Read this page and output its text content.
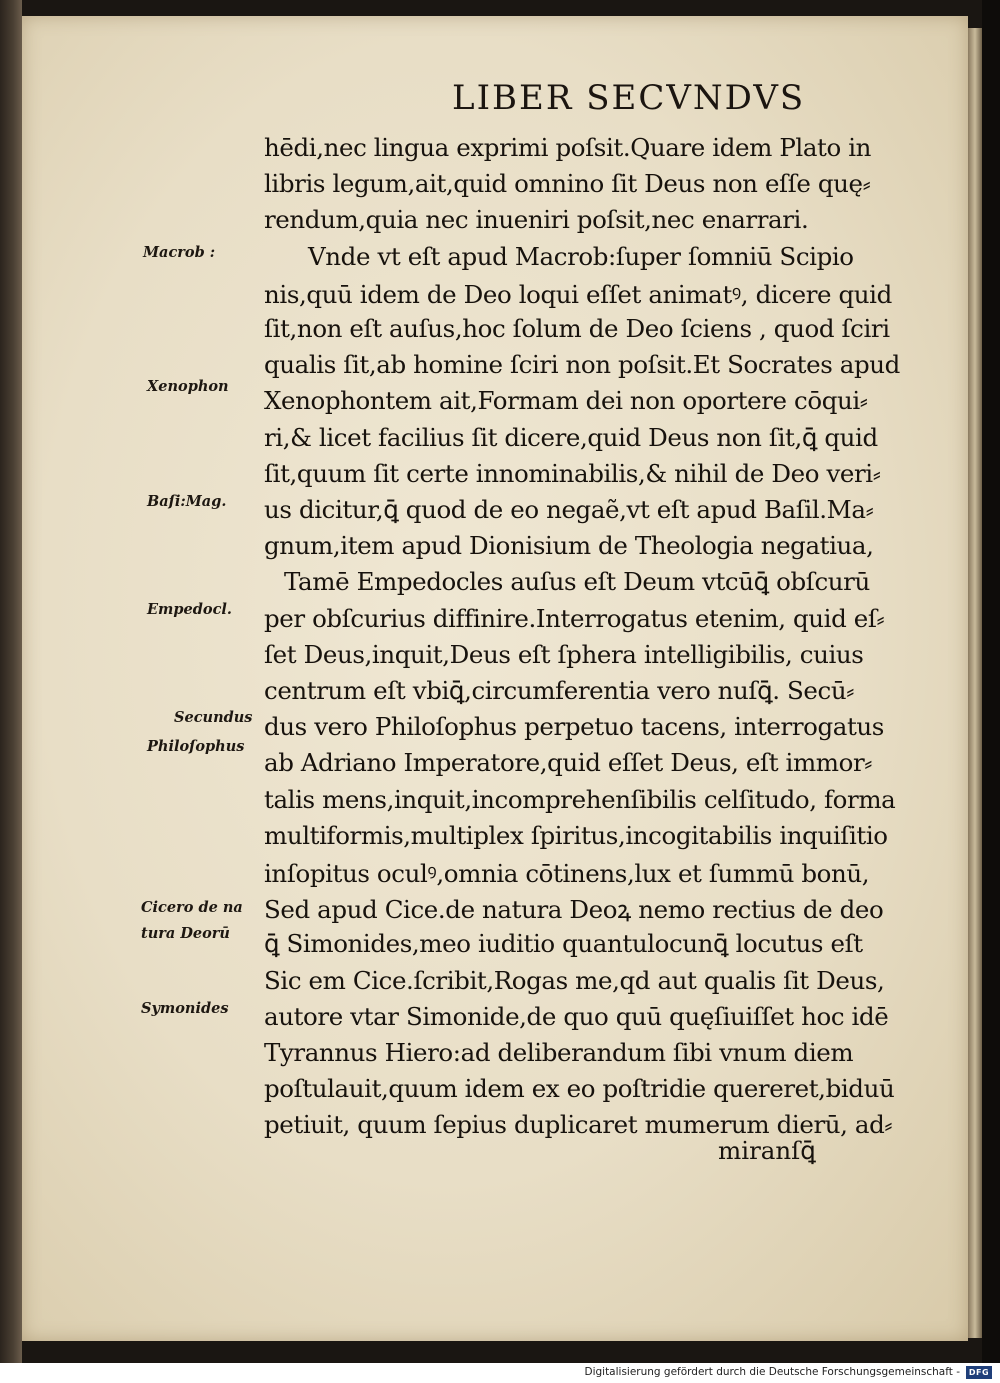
LIBER SECVNDVS
miranſꝗ̄
Macrob :
Xenophon
Baſi:Mag.
Empedocl.
Secundus
Philoſophus
Cicero de na
tura Deorū
Symonides
hēdi,nec lingua exprimi poſsit.Quare idem Plato in
libris legum,ait,quid omnino ſit Deus non eſſe quę⸗
rendum,quia nec inueniri poſsit,nec enarrari.
Vnde vt eſt apud Macrob:ſuper ſomniū Scipio
nis,quū idem de Deo loqui eſſet animatꝰ, dicere quid
ſit,non eſt auſus,hoc ſolum de Deo ſciens , quod ſciri
qualis ſit,ab homine ſciri non poſsit.Et Socrates apud
Xenophontem ait,Formam dei non oportere cōqui⸗
ri,& licet facilius ſit dicere,quid Deus non ſit,ꝗ̄ quid
ſit,quum ſit certe innominabilis,& nihil de Deo veri⸗
us dicitur,ꝗ̄ quod de eo negaẽ,vt eſt apud Baſil.Ma⸗
gnum,item apud Dionisium de Theologia negatiua,
Tamē Empedocles auſus eſt Deum vtcūꝗ̄ obſcurū
per obſcurius diffinire.Interrogatus etenim, quid eſ⸗
ſet Deus,inquit,Deus eſt ſphera intelligibilis, cuius
centrum eſt vbiꝗ̄,circumferentia vero nuſꝗ̄. Secū⸗
dus vero Philoſophus perpetuo tacens, interrogatus
ab Adriano Imperatore,quid eſſet Deus, eſt immor⸗
talis mens,inquit,incomprehenſibilis celſitudo, forma
multiformis,multiplex ſpiritus,incogitabilis inquiſitio
inſopitus oculꝰ,omnia cōtinens,lux et ſummū bonū,
Sed apud Cice.de natura Deoꝝ nemo rectius de deo
ꝗ̄ Simonides,meo iuditio quantulocunꝗ̄ locutus eſt
Sic em Cice.ſcribit,Rogas me,qd aut qualis ſit Deus,
autore vtar Simonide,de quo quū quęſiuiſſet hoc idē
Tyrannus Hiero:ad deliberandum ſibi vnum diem
poſtulauit,quum idem ex eo poſtridie quereret,biduū
petiuit, quum ſepius duplicaret mumerum dierū, ad⸗
Digitalisierung gefördert durch die Deutsche Forschungsgemeinschaft -	DFG
